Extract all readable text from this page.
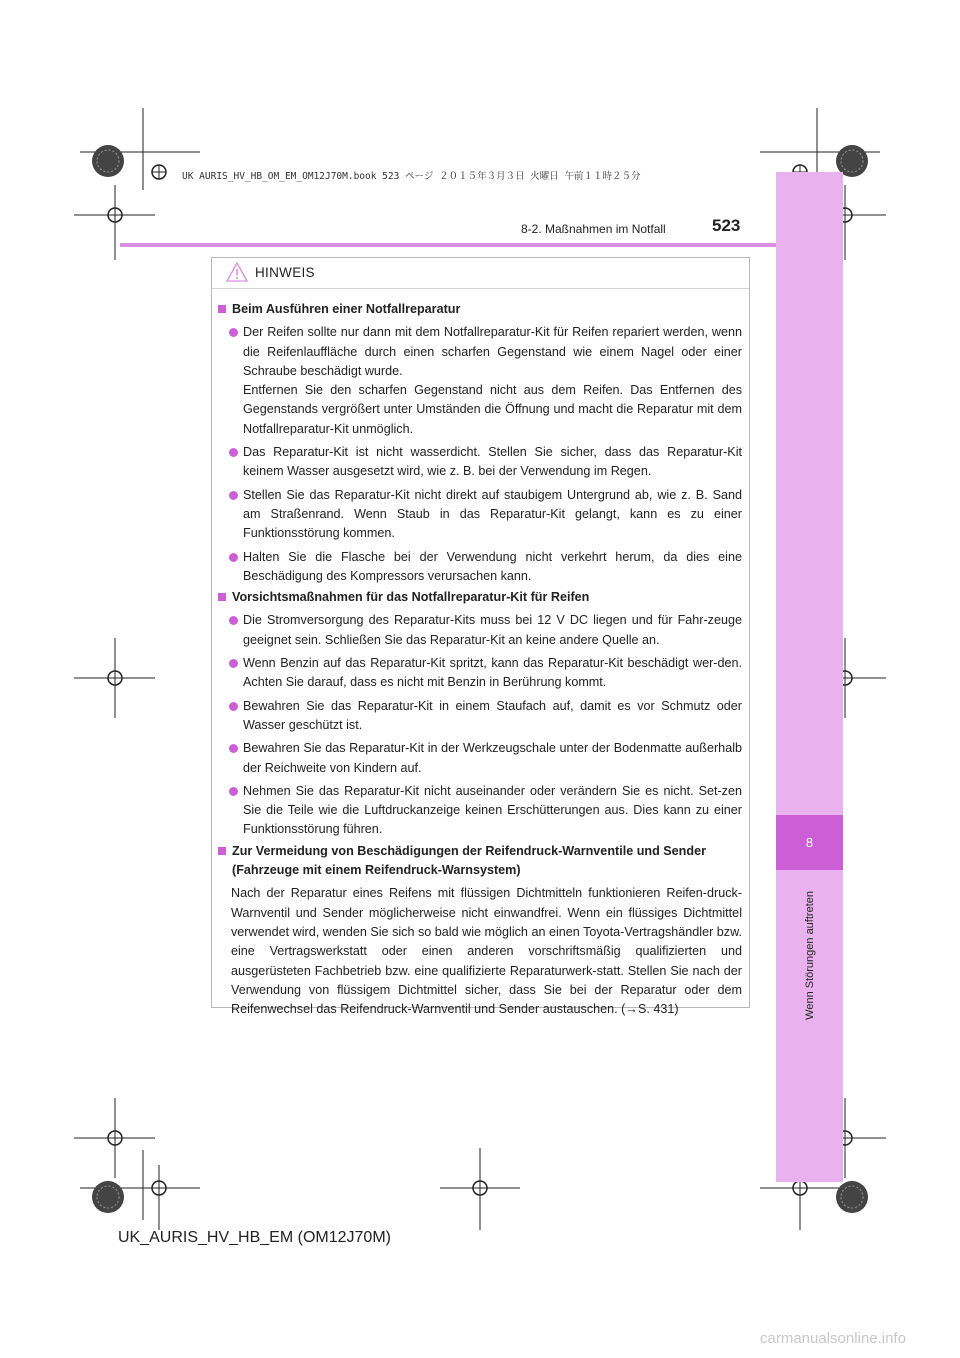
8
Wenn Störungen auftreten
UK AURIS_HV_HB_OM_EM_OM12J70M.book 523 ページ ２０１５年３月３日 火曜日 午前１１時２５分
8-2. Maßnahmen im Notfall	523
HINWEIS
Beim Ausführen einer Notfallreparatur
Der Reifen sollte nur dann mit dem Notfallreparatur-Kit für Reifen repariert werden, wenn die Reifenlauffläche durch einen scharfen Gegenstand wie einem Nagel oder einer Schraube beschädigt wurde.
Entfernen Sie den scharfen Gegenstand nicht aus dem Reifen. Das Entfernen des Gegenstands vergrößert unter Umständen die Öffnung und macht die Reparatur mit dem Notfallreparatur-Kit unmöglich.
Das Reparatur-Kit ist nicht wasserdicht. Stellen Sie sicher, dass das Reparatur-Kit keinem Wasser ausgesetzt wird, wie z. B. bei der Verwendung im Regen.
Stellen Sie das Reparatur-Kit nicht direkt auf staubigem Untergrund ab, wie z. B. Sand am Straßenrand. Wenn Staub in das Reparatur-Kit gelangt, kann es zu einer Funktionsstörung kommen.
Halten Sie die Flasche bei der Verwendung nicht verkehrt herum, da dies eine Beschädigung des Kompressors verursachen kann.
Vorsichtsmaßnahmen für das Notfallreparatur-Kit für Reifen
Die Stromversorgung des Reparatur-Kits muss bei 12 V DC liegen und für Fahr-zeuge geeignet sein. Schließen Sie das Reparatur-Kit an keine andere Quelle an.
Wenn Benzin auf das Reparatur-Kit spritzt, kann das Reparatur-Kit beschädigt wer-den. Achten Sie darauf, dass es nicht mit Benzin in Berührung kommt.
Bewahren Sie das Reparatur-Kit in einem Staufach auf, damit es vor Schmutz oder Wasser geschützt ist.
Bewahren Sie das Reparatur-Kit in der Werkzeugschale unter der Bodenmatte außerhalb der Reichweite von Kindern auf.
Nehmen Sie das Reparatur-Kit nicht auseinander oder verändern Sie es nicht. Set-zen Sie die Teile wie die Luftdruckanzeige keinen Erschütterungen aus. Dies kann zu einer Funktionsstörung führen.
Zur Vermeidung von Beschädigungen der Reifendruck-Warnventile und Sender (Fahrzeuge mit einem Reifendruck-Warnsystem)
Nach der Reparatur eines Reifens mit flüssigen Dichtmitteln funktionieren Reifen-druck-Warnventil und Sender möglicherweise nicht einwandfrei. Wenn ein flüssiges Dichtmittel verwendet wird, wenden Sie sich so bald wie möglich an einen Toyota-Vertragshändler bzw. eine Vertragswerkstatt oder einen anderen vorschriftsmäßig qualifizierten und ausgerüsteten Fachbetrieb bzw. eine qualifizierte Reparaturwerk-statt. Stellen Sie nach der Verwendung von flüssigem Dichtmittel sicher, dass Sie bei der Reparatur oder dem Reifenwechsel das Reifendruck-Warnventil und Sender austauschen. (→S. 431)
UK_AURIS_HV_HB_EM (OM12J70M)
carmanualsonline.info
